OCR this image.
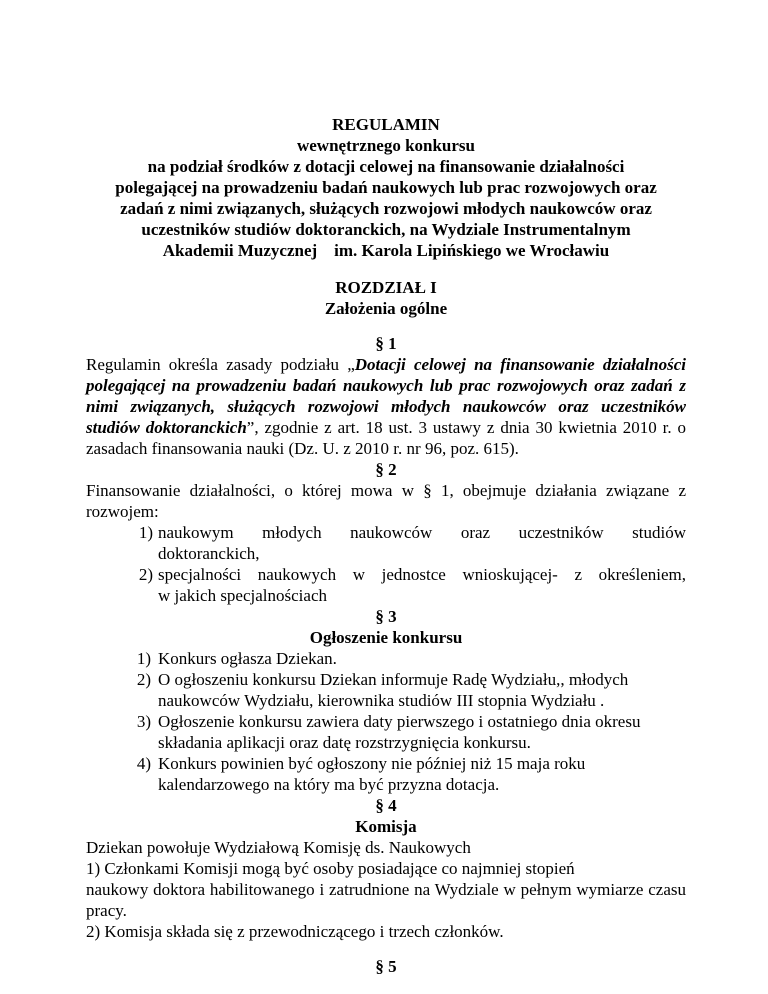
REGULAMIN
wewnętrznego konkursu
na podział środków z dotacji celowej na finansowanie działalności
polegającej na prowadzeniu badań naukowych lub prac rozwojowych oraz
zadań z nimi związanych, służących rozwojowi młodych naukowców oraz
uczestników studiów doktoranckich, na Wydziale Instrumentalnym
Akademii Muzycznej    im. Karola Lipińskiego we Wrocławiu
ROZDZIAŁ I
Założenia ogólne
§ 1
Regulamin określa zasady podziału „Dotacji celowej na finansowanie działalności polegającej na prowadzeniu badań naukowych lub prac rozwojowych oraz zadań z nimi związanych, służących rozwojowi młodych naukowców oraz uczestników studiów doktoranckich”, zgodnie z art. 18 ust. 3 ustawy z dnia 30 kwietnia 2010 r. o zasadach finansowania nauki (Dz. U. z 2010 r. nr 96, poz. 615).
§ 2
Finansowanie działalności, o której mowa w § 1, obejmuje działania związane z rozwojem:
1) naukowym młodych naukowców oraz uczestników studiów
doktoranckich,
2) specjalności naukowych w jednostce wnioskującej- z określeniem,
w jakich specjalnościach
§ 3
Ogłoszenie konkursu
1) Konkurs ogłasza Dziekan.
2) O ogłoszeniu konkursu Dziekan informuje Radę Wydziału,, młodych naukowców Wydziału, kierownika studiów III stopnia Wydziału .
3) Ogłoszenie konkursu zawiera daty pierwszego i ostatniego dnia okresu składania aplikacji oraz datę rozstrzygnięcia konkursu.
4) Konkurs powinien być ogłoszony nie później niż 15 maja roku kalendarzowego na który ma być przyzna dotacja.
§ 4
Komisja
Dziekan powołuje Wydziałową Komisję ds. Naukowych
1) Członkami Komisji mogą być osoby posiadające co najmniej stopień
naukowy doktora habilitowanego i zatrudnione na Wydziale w pełnym wymiarze czasu pracy.
2) Komisja składa się z przewodniczącego i trzech członków.
§ 5
